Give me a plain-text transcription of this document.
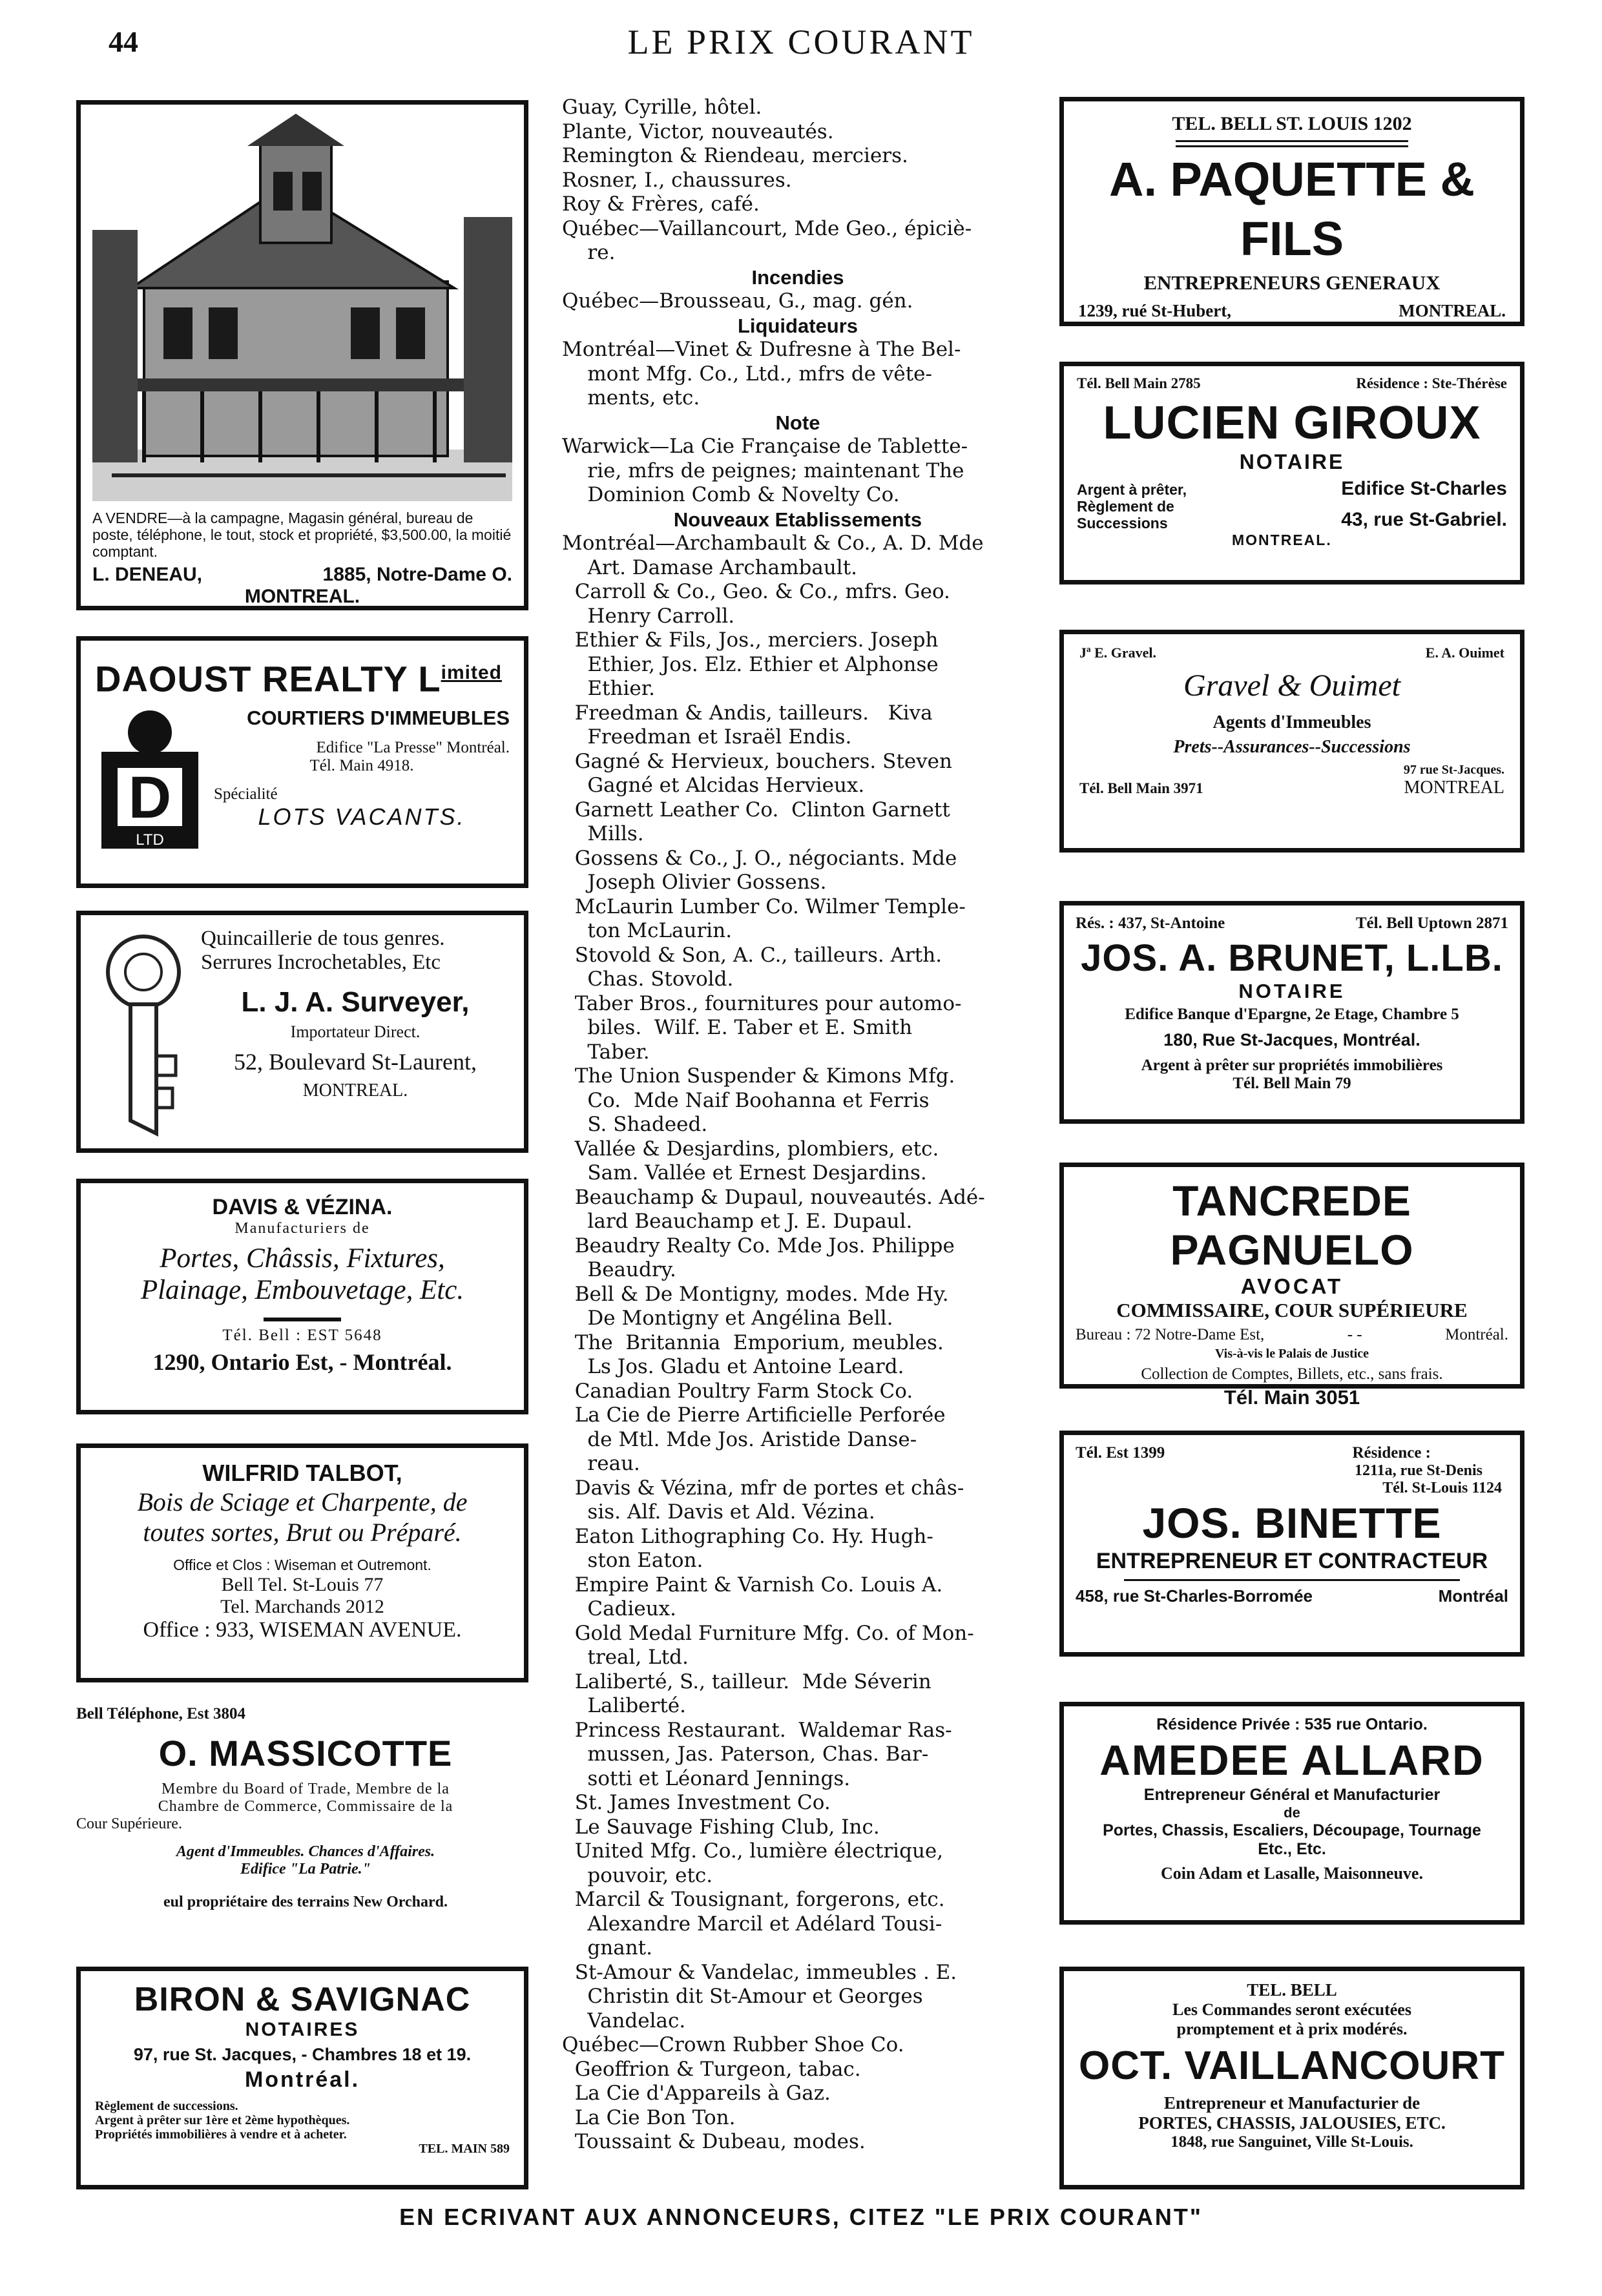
44	LE PRIX COURANT
A VENDRE—à la campagne, Magasin général, bureau de poste, téléphone, le tout, stock et propriété, $3,500.00, la moitié comptant.
L. DENEAU,	1885, Notre-Dame O.
MONTREAL.
DAOUST REALTY $L^{imited}$
D
LTD
COURTIERS D'IMMEUBLES
Edifice "La Presse" Montréal.
Tél. Main 4918.
Spécialité
LOTS VACANTS.
Quincaillerie de tous genres.
Serrures Incrochetables, Etc
L. J. A. Surveyer,
Importateur Direct.
52, Boulevard St-Laurent,
MONTREAL.
DAVIS & VÉZINA.
Manufacturiers de
Portes, Châssis, Fixtures,
Plainage, Embouvetage, Etc.
Tél. Bell : EST 5648
1290, Ontario Est, - Montréal.
WILFRID TALBOT,
Bois de Sciage et Charpente, de
toutes sortes, Brut ou Préparé.
Office et Clos : Wiseman et Outremont.
Bell Tel. St-Louis 77
Tel. Marchands 2012
Office : 933, WISEMAN AVENUE.
Bell Téléphone, Est 3804
O. MASSICOTTE
Membre du Board of Trade, Membre de la
Chambre de Commerce, Commissaire de la
Cour Supérieure.
Agent d'Immeubles. Chances d'Affaires.
Edifice "La Patrie."
eul propriétaire des terrains New Orchard.
BIRON & SAVIGNAC
NOTAIRES
97, rue St. Jacques, - Chambres 18 et 19.
Montréal.
Règlement de successions.
Argent à prêter sur 1ère et 2ème hypothèques.
Propriétés immobilières à vendre et à acheter.
TEL. MAIN 589
Guay, Cyrille, hôtel.
Plante, Victor, nouveautés.
Remington & Riendeau, merciers.
Rosner, I., chaussures.
Roy & Frères, café.
Québec—Vaillancourt, Mde Geo., épiciè-
re.
Incendies
Québec—Brousseau, G., mag. gén.
Liquidateurs
Montréal—Vinet & Dufresne à The Bel-
mont Mfg. Co., Ltd., mfrs de vête-
ments, etc.
Note
Warwick—La Cie Française de Tablette-
rie, mfrs de peignes; maintenant The
Dominion Comb & Novelty Co.
Nouveaux Etablissements
Montréal—Archambault & Co., A. D. Mde
Art. Damase Archambault.
Carroll & Co., Geo. & Co., mfrs. Geo.
Henry Carroll.
Ethier & Fils, Jos., merciers. Joseph
Ethier, Jos. Elz. Ethier et Alphonse
Ethier.
Freedman & Andis, tailleurs.   Kiva
Freedman et Israël Endis.
Gagné & Hervieux, bouchers. Steven
Gagné et Alcidas Hervieux.
Garnett Leather Co.  Clinton Garnett
Mills.
Gossens & Co., J. O., négociants. Mde
Joseph Olivier Gossens.
McLaurin Lumber Co. Wilmer Temple-
ton McLaurin.
Stovold & Son, A. C., tailleurs. Arth.
Chas. Stovold.
Taber Bros., fournitures pour automo-
biles.  Wilf. E. Taber et E. Smith
Taber.
The Union Suspender & Kimons Mfg.
Co.  Mde Naif Boohanna et Ferris
S. Shadeed.
Vallée & Desjardins, plombiers, etc.
Sam. Vallée et Ernest Desjardins.
Beauchamp & Dupaul, nouveautés. Adé-
lard Beauchamp et J. E. Dupaul.
Beaudry Realty Co. Mde Jos. Philippe
Beaudry.
Bell & De Montigny, modes. Mde Hy.
De Montigny et Angélina Bell.
The  Britannia  Emporium, meubles.
Ls Jos. Gladu et Antoine Leard.
Canadian Poultry Farm Stock Co.
La Cie de Pierre Artificielle Perforée
de Mtl. Mde Jos. Aristide Danse-
reau.
Davis & Vézina, mfr de portes et châs-
sis. Alf. Davis et Ald. Vézina.
Eaton Lithographing Co. Hy. Hugh-
ston Eaton.
Empire Paint & Varnish Co. Louis A.
Cadieux.
Gold Medal Furniture Mfg. Co. of Mon-
treal, Ltd.
Laliberté, S., tailleur.  Mde Séverin
Laliberté.
Princess Restaurant.  Waldemar Ras-
mussen, Jas. Paterson, Chas. Bar-
sotti et Léonard Jennings.
St. James Investment Co.
Le Sauvage Fishing Club, Inc.
United Mfg. Co., lumière électrique,
pouvoir, etc.
Marcil & Tousignant, forgerons, etc.
Alexandre Marcil et Adélard Tousi-
gnant.
St-Amour & Vandelac, immeubles . E.
Christin dit St-Amour et Georges
Vandelac.
Québec—Crown Rubber Shoe Co.
Geoffrion & Turgeon, tabac.
La Cie d'Appareils à Gaz.
La Cie Bon Ton.
Toussaint & Dubeau, modes.
TEL. BELL ST. LOUIS 1202
A. PAQUETTE & FILS
ENTREPRENEURS GENERAUX
1239, rué St-Hubert,	MONTREAL.
Tél. Bell Main 2785	Résidence : Ste-Thérèse
LUCIEN GIROUX
NOTAIRE
Argent à prêter,
Règlement de
Successions
Edifice St-Charles
43, rue St-Gabriel.
MONTREAL.
Jª E. Gravel.	E. A. Ouimet
Gravel & Ouimet
Agents d'Immeubles
Prets--Assurances--Successions
97 rue St-Jacques.
Tél. Bell Main 3971	MONTREAL
Rés. : 437, St-Antoine	Tél. Bell Uptown 2871
JOS. A. BRUNET, L.LB.
NOTAIRE
Edifice Banque d'Epargne, 2e Etage, Chambre 5
180, Rue St-Jacques, Montréal.
Argent à prêter sur propriétés immobilières
Tél. Bell Main 79
TANCREDE PAGNUELO
AVOCAT
COMMISSAIRE, COUR SUPÉRIEURE
Bureau : 72 Notre-Dame Est,	- -	Montréal.
Vis-à-vis le Palais de Justice
Collection de Comptes, Billets, etc., sans frais.
Tél. Main 3051
Tél. Est 1399	Résidence :
1211a, rue St-Denis
Tél. St-Louis 1124
JOS. BINETTE
ENTREPRENEUR ET CONTRACTEUR
458, rue St-Charles-Borromée	Montréal
Résidence Privée : 535 rue Ontario.
AMEDEE ALLARD
Entrepreneur Général et Manufacturier
de
Portes, Chassis, Escaliers, Découpage, Tournage
Etc., Etc.
Coin Adam et Lasalle, Maisonneuve.
TEL. BELL
Les Commandes seront exécutées
promptement et à prix modérés.
OCT. VAILLANCOURT
Entrepreneur et Manufacturier de
PORTES, CHASSIS, JALOUSIES, ETC.
1848, rue Sanguinet, Ville St-Louis.
EN ECRIVANT AUX ANNONCEURS, CITEZ "LE PRIX COURANT"
